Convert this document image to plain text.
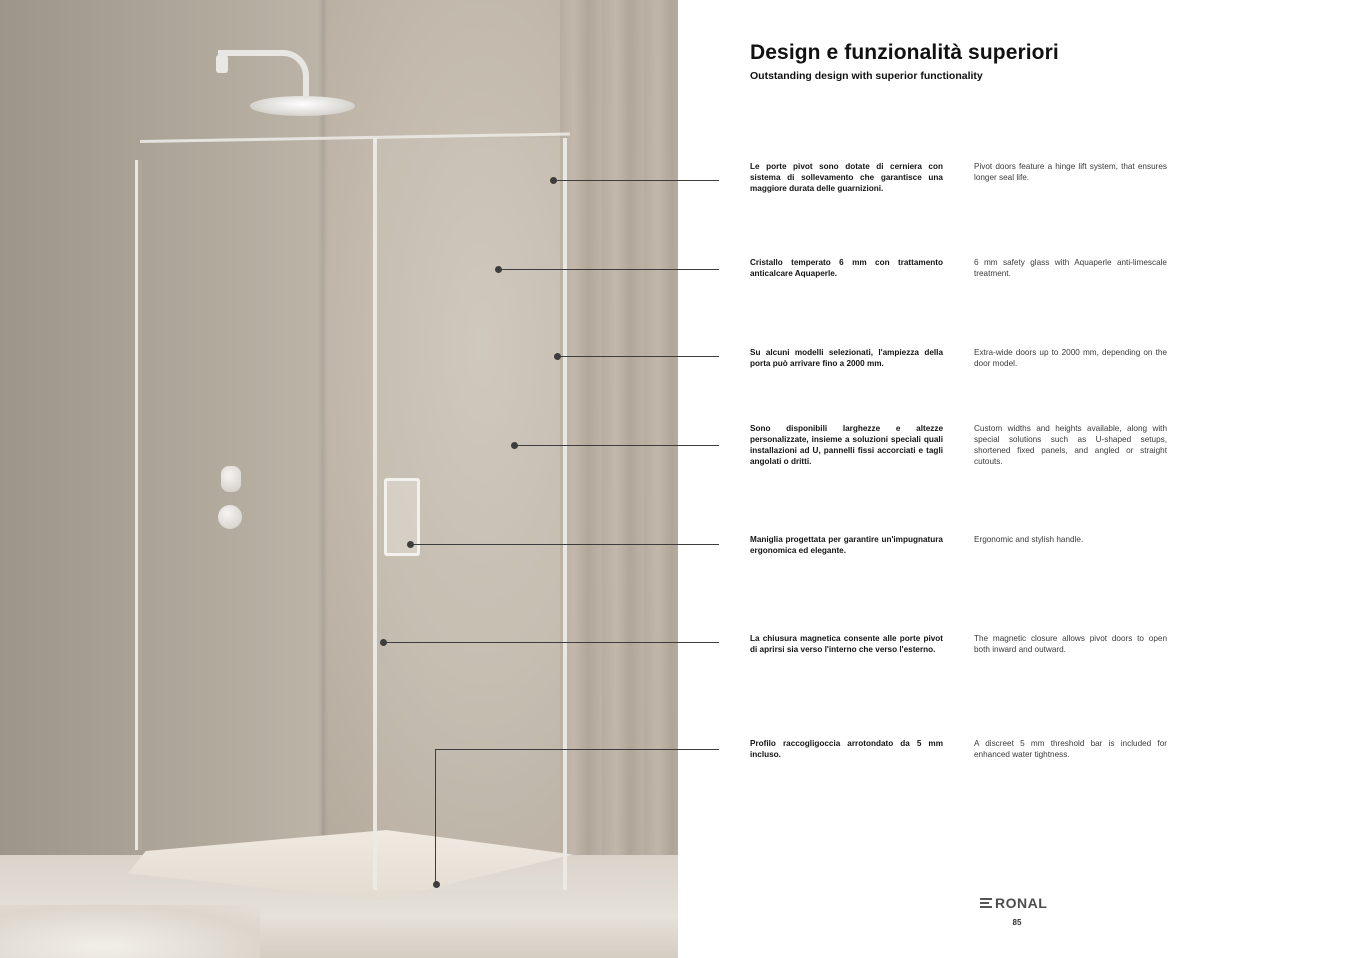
Design e funzionalità superiori

Outstanding design with superior functionality

Le porte pivot sono dotate di cerniera con sistema di sollevamento che garantisce una maggiore durata delle guarnizioni.

Pivot doors feature a hinge lift system, that ensures longer seal life.

Cristallo temperato 6 mm con trattamento anticalcare Aquaperle.

6 mm safety glass with Aquaperle anti-limescale treatment.

Su alcuni modelli selezionati, l'ampiezza della porta può arrivare fino a 2000 mm.

Extra-wide doors up to 2000 mm, depending on the door model.

Sono disponibili larghezze e altezze personalizzate, insieme a soluzioni speciali quali installazioni ad U, pannelli fissi accorciati e tagli angolati o dritti.

Custom widths and heights available, along with special solutions such as U-shaped setups, shortened fixed panels, and angled or straight cutouts.

Maniglia progettata per garantire un'impugnatura ergonomica ed elegante.

Ergonomic and stylish handle.

La chiusura magnetica consente alle porte pivot di aprirsi sia verso l'interno che verso l'esterno.

The magnetic closure allows pivot doors to open both inward and outward.

Profilo raccogligoccia arrotondato da 5 mm incluso.

A discreet 5 mm threshold bar is included for enhanced water tightness.

RONAL
85
